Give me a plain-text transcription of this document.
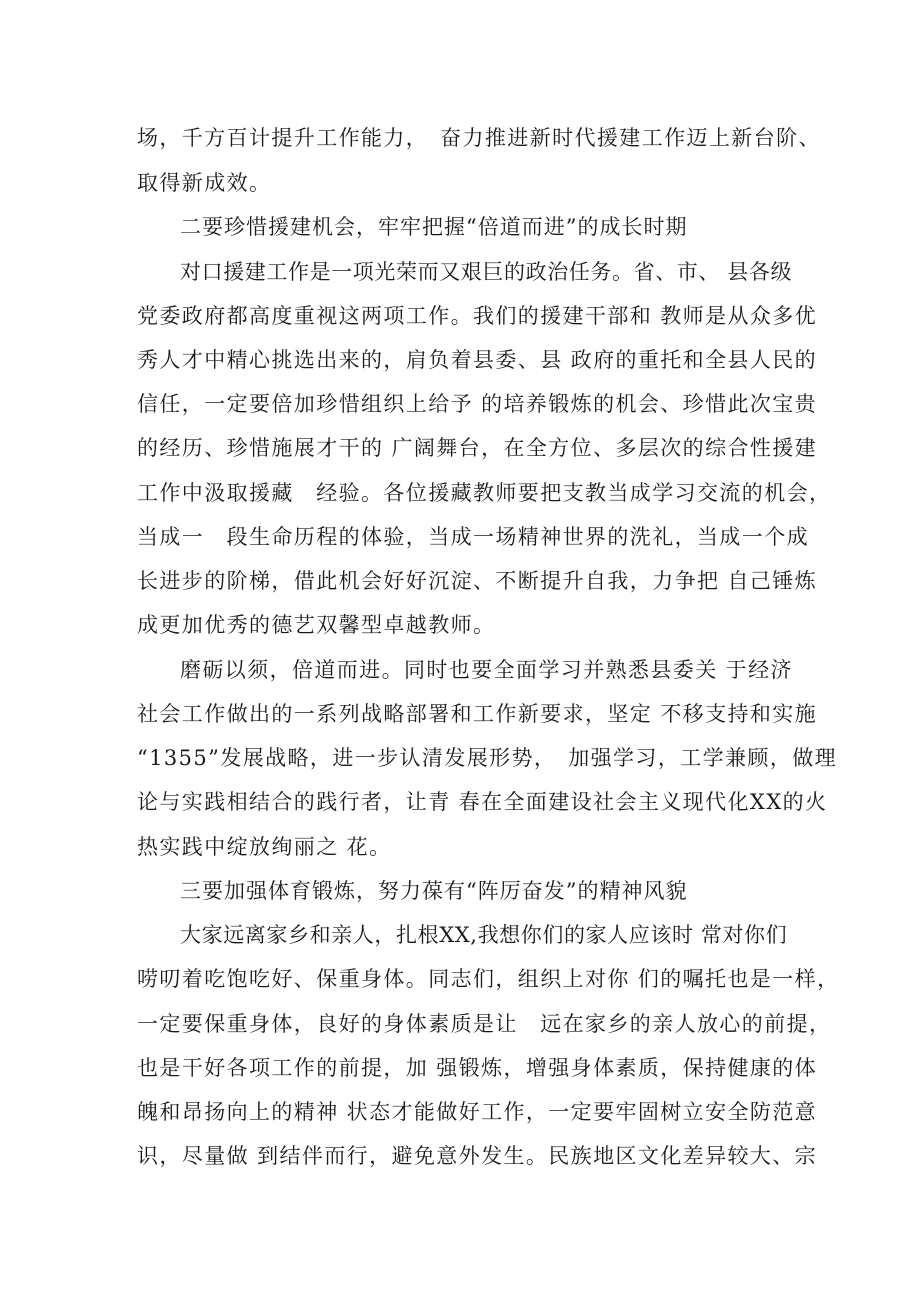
场，千方百计提升工作能力，　奋力推进新时代援建工作迈上新台阶、
取得新成效。
二要珍惜援建机会，牢牢把握“倍道而进”的成长时期
对口援建工作是一项光荣而又艰巨的政治任务。省、市、 县各级
党委政府都高度重视这两项工作。我们的援建干部和 教师是从众多优
秀人才中精心挑选出来的，肩负着县委、县 政府的重托和全县人民的
信任，一定要倍加珍惜组织上给予 的培养锻炼的机会、珍惜此次宝贵
的经历、珍惜施展才干的 广阔舞台，在全方位、多层次的综合性援建
工作中汲取援藏　经验。各位援藏教师要把支教当成学习交流的机会，
当成一　段生命历程的体验，当成一场精神世界的洗礼，当成一个成
长进步的阶梯，借此机会好好沉淀、不断提升自我，力争把 自己锤炼
成更加优秀的德艺双馨型卓越教师。
磨砺以须，倍道而进。同时也要全面学习并熟悉县委关 于经济
社会工作做出的一系列战略部署和工作新要求，坚定 不移支持和实施
“1355”发展战略，进一步认清发展形势，　加强学习，工学兼顾，做理
论与实践相结合的践行者，让青 春在全面建设社会主义现代化XX的火
热实践中绽放绚丽之 花。
三要加强体育锻炼，努力葆有“阵厉奋发”的精神风貌
大家远离家乡和亲人，扎根XX,我想你们的家人应该时 常对你们
唠叨着吃饱吃好、保重身体。同志们，组织上对你 们的嘱托也是一样，
一定要保重身体，良好的身体素质是让　远在家乡的亲人放心的前提，
也是干好各项工作的前提，加 强锻炼，增强身体素质，保持健康的体
魄和昂扬向上的精神 状态才能做好工作，一定要牢固树立安全防范意
识，尽量做 到结伴而行，避免意外发生。民族地区文化差异较大、宗
